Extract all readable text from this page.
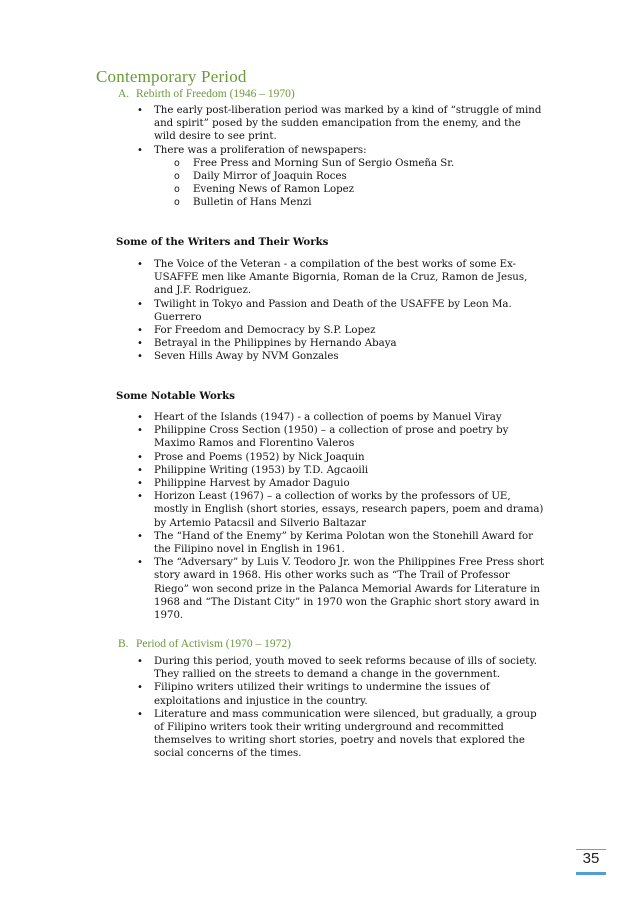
Contemporary Period
A. Rebirth of Freedom (1946 – 1970)
• The early post-liberation period was marked by a kind of “struggle of mind and spirit” posed by the sudden emancipation from the enemy, and the wild desire to see print.
• There was a proliferation of newspapers:
o Free Press and Morning Sun of Sergio Osmeña Sr.
o Daily Mirror of Joaquin Roces
o Evening News of Ramon Lopez
o Bulletin of Hans Menzi
Some of the Writers and Their Works
• The Voice of the Veteran - a compilation of the best works of some Ex-USAFFE men like Amante Bigornia, Roman de la Cruz, Ramon de Jesus, and J.F. Rodriguez.
• Twilight in Tokyo and Passion and Death of the USAFFE by Leon Ma. Guerrero
• For Freedom and Democracy by S.P. Lopez
• Betrayal in the Philippines by Hernando Abaya
• Seven Hills Away by NVM Gonzales
Some Notable Works
• Heart of the Islands (1947) - a collection of poems by Manuel Viray
• Philippine Cross Section (1950) – a collection of prose and poetry by Maximo Ramos and Florentino Valeros
• Prose and Poems (1952) by Nick Joaquin
• Philippine Writing (1953) by T.D. Agcaoili
• Philippine Harvest by Amador Daguio
• Horizon Least (1967) – a collection of works by the professors of UE, mostly in English (short stories, essays, research papers, poem and drama) by Artemio Patacsil and Silverio Baltazar
• The “Hand of the Enemy” by Kerima Polotan won the Stonehill Award for the Filipino novel in English in 1961.
• The “Adversary” by Luis V. Teodoro Jr. won the Philippines Free Press short story award in 1968. His other works such as “The Trail of Professor Riego” won second prize in the Palanca Memorial Awards for Literature in 1968 and “The Distant City” in 1970 won the Graphic short story award in 1970.
B. Period of Activism (1970 – 1972)
• During this period, youth moved to seek reforms because of ills of society. They rallied on the streets to demand a change in the government.
• Filipino writers utilized their writings to undermine the issues of exploitations and injustice in the country.
• Literature and mass communication were silenced, but gradually, a group of Filipino writers took their writing underground and recommitted themselves to writing short stories, poetry and novels that explored the social concerns of the times.
35
